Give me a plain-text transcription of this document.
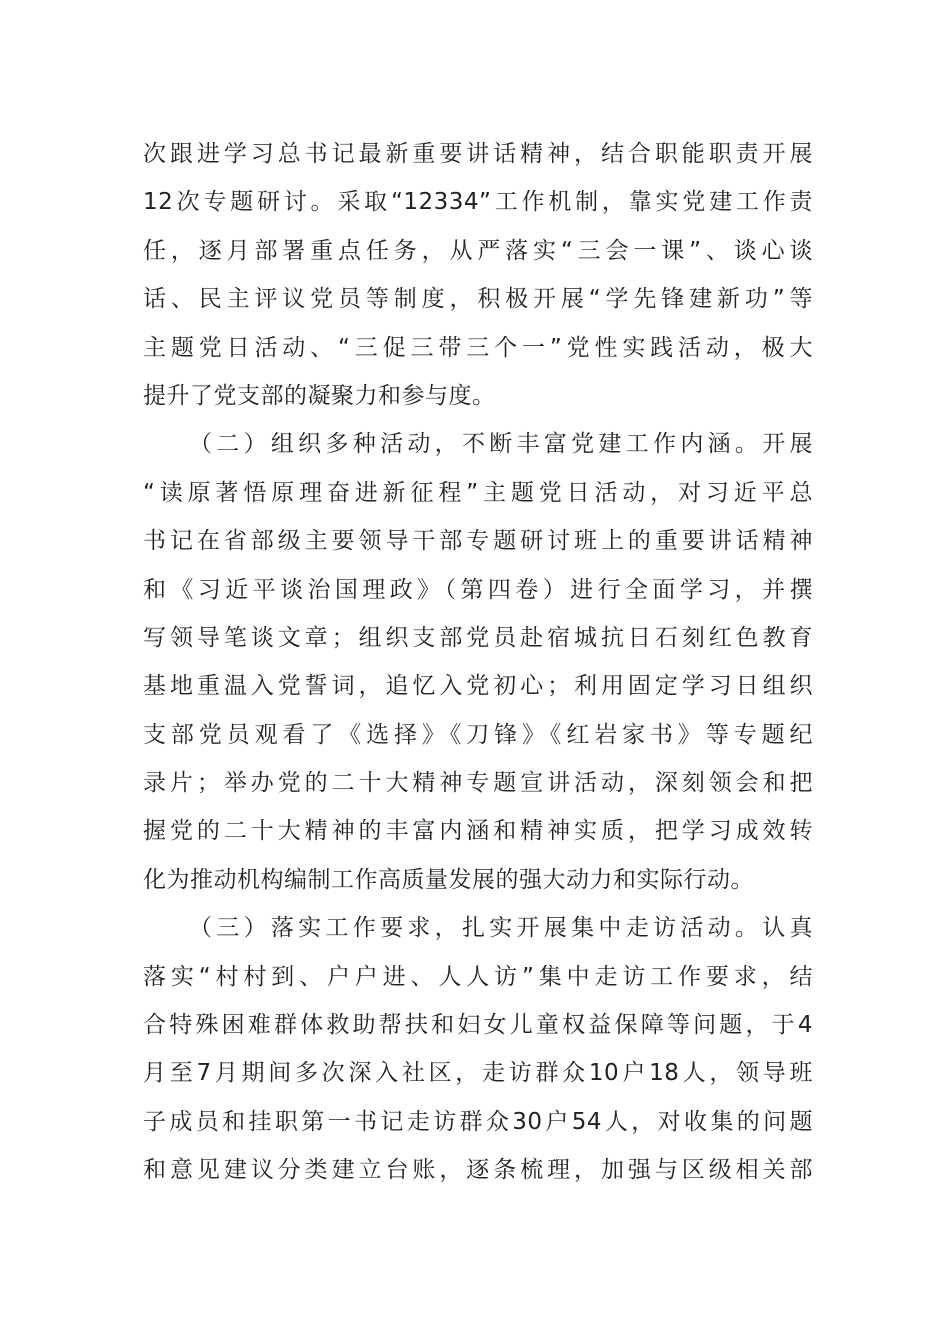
次跟进学习总书记最新重要讲话精神，结合职能职责开展
12次专题研讨。采取“12334”工作机制，靠实党建工作责
任，逐月部署重点任务，从严落实“三会一课”、谈心谈
话、民主评议党员等制度，积极开展“学先锋建新功”等
主题党日活动、“三促三带三个一”党性实践活动，极大
提升了党支部的凝聚力和参与度。
（二）组织多种活动，不断丰富党建工作内涵。开展
“读原著悟原理奋进新征程”主题党日活动，对习近平总
书记在省部级主要领导干部专题研讨班上的重要讲话精神
和《习近平谈治国理政》（第四卷）进行全面学习，并撰
写领导笔谈文章；组织支部党员赴宿城抗日石刻红色教育
基地重温入党誓词，追忆入党初心；利用固定学习日组织
支部党员观看了《选择》《刀锋》《红岩家书》等专题纪
录片；举办党的二十大精神专题宣讲活动，深刻领会和把
握党的二十大精神的丰富内涵和精神实质，把学习成效转
化为推动机构编制工作高质量发展的强大动力和实际行动。
（三）落实工作要求，扎实开展集中走访活动。认真
落实“村村到、户户进、人人访”集中走访工作要求，结
合特殊困难群体救助帮扶和妇女儿童权益保障等问题，于4
月至7月期间多次深入社区，走访群众10户18人，领导班
子成员和挂职第一书记走访群众30户54人，对收集的问题
和意见建议分类建立台账，逐条梳理，加强与区级相关部
